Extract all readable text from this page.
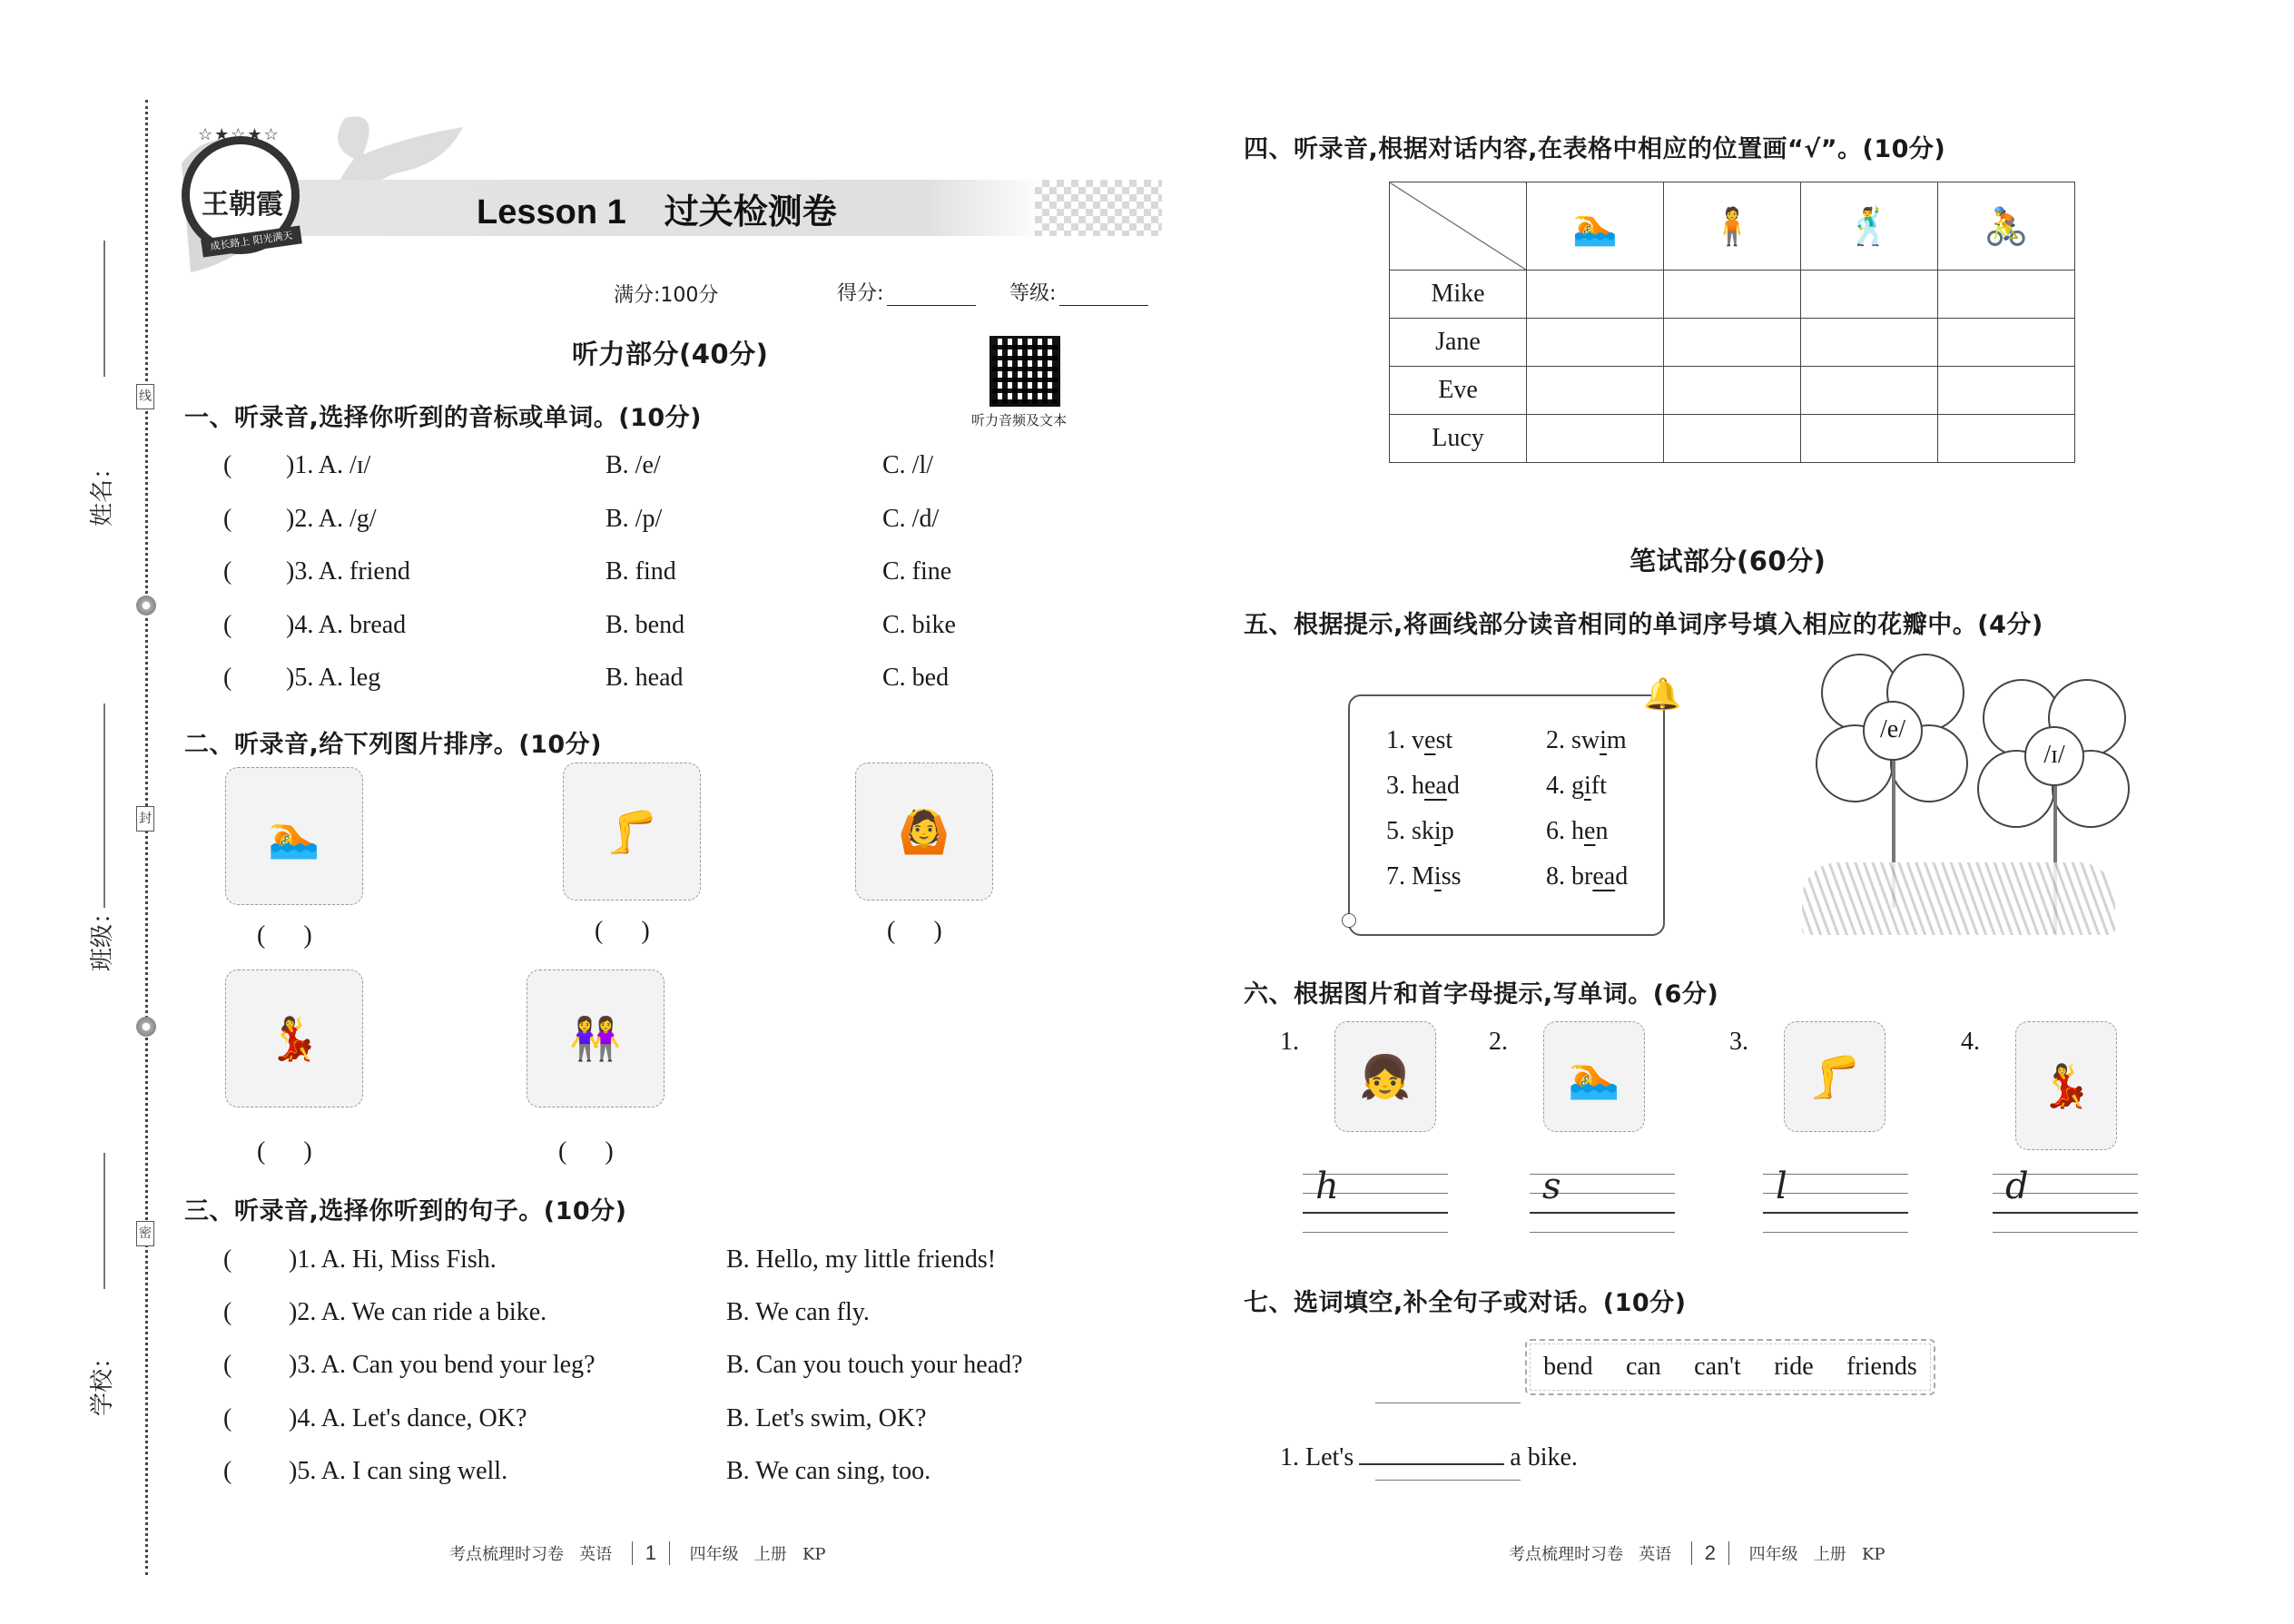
线
封
密
姓名：
班级：
学校：
☆★☆★☆
王朝霞
成长路上 阳光满天
Lesson 1 过关检测卷
满分:100分	得分:	等级:
听力部分(40分)
听力音频及文本
一、听录音,选择你听到的音标或单词。(10分)
( )1. A. /ɪ/	B. /e/	C. /l/
( )2. A. /g/	B. /p/	C. /d/
( )3. A. friend	B. find	C. fine
( )4. A. bread	B. bend	C. bike
( )5. A. leg	B. head	C. bed
二、听录音,给下列图片排序。(10分)
🏊
(      )
🦵
(      )
🙆
(      )
💃
(      )
👭
(      )
三、听录音,选择你听到的句子。(10分)
( )1. A. Hi, Miss Fish.	B. Hello, my little friends!
( )2. A. We can ride a bike.	B. We can fly.
( )3. A. Can you bend your leg?	B. Can you touch your head?
( )4. A. Let's dance, OK?	B. Let's swim, OK?
( )5. A. I can sing well.	B. We can sing, too.
考点梳理时习卷 英语 1 四年级 上册 KP	考点梳理时习卷 英语 2 四年级 上册 KP
四、听录音,根据对话内容,在表格中相应的位置画“√”。(10分)
	🏊	🧍	🕺	🚴
Mike				
Jane				
Eve				
Lucy				
笔试部分(60分)
五、根据提示,将画线部分读音相同的单词序号填入相应的花瓣中。(4分)
🔔
1. vest	2. swim
3. head	4. gift
5. skip	6. hen
7. Miss	8. bread
/e/
/ɪ/
六、根据图片和首字母提示,写单词。(6分)
1.
👧
h
2.
🏊
s
3.
🦵
l
4.
💃
d
七、选词填空,补全句子或对话。(10分)
bend can can't ride friends
1. Let's	a bike.
